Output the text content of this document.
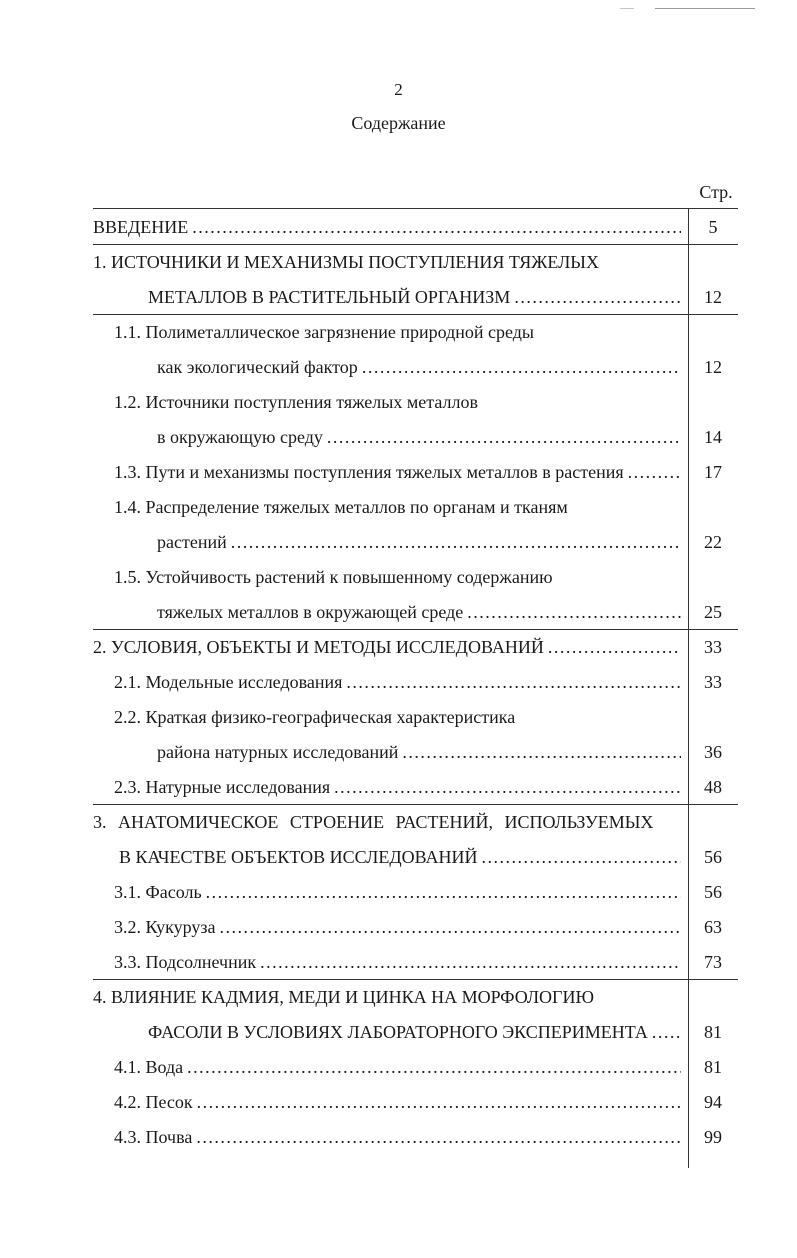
2
Содержание
Стр.
ВВЕДЕНИЕ . . .	5
1. ИСТОЧНИКИ И МЕХАНИЗМЫ ПОСТУПЛЕНИЯ ТЯЖЕЛЫХ
МЕТАЛЛОВ В РАСТИТЕЛЬНЫЙ ОРГАНИЗМ . . .	12
1.1. Полиметаллическое загрязнение природной среды
как экологический фактор . . .	12
1.2. Источники поступления тяжелых металлов
в окружающую среду . . .	14
1.3. Пути и механизмы поступления тяжелых металлов в растения . . .	17
1.4. Распределение тяжелых металлов по органам и тканям
растений . . .	22
1.5. Устойчивость растений к повышенному содержанию
тяжелых металлов в окружающей среде . . .	25
2. УСЛОВИЯ, ОБЪЕКТЫ И МЕТОДЫ ИССЛЕДОВАНИЙ . . .	33
2.1. Модельные исследования . . .	33
2.2. Краткая физико-географическая характеристика
района натурных исследований . . .	36
2.3. Натурные исследования . . .	48
3. АНАТОМИЧЕСКОЕ СТРОЕНИЕ РАСТЕНИЙ, ИСПОЛЬЗУЕМЫХ
В КАЧЕСТВЕ ОБЪЕКТОВ ИССЛЕДОВАНИЙ . . .	56
3.1. Фасоль . . .	56
3.2. Кукуруза . . .	63
3.3. Подсолнечник . . .	73
4. ВЛИЯНИЕ КАДМИЯ, МЕДИ И ЦИНКА НА МОРФОЛОГИЮ
ФАСОЛИ В УСЛОВИЯХ ЛАБОРАТОРНОГО ЭКСПЕРИМЕНТА . . .	81
4.1. Вода . . .	81
4.2. Песок . . .	94
4.3. Почва . . .	99
